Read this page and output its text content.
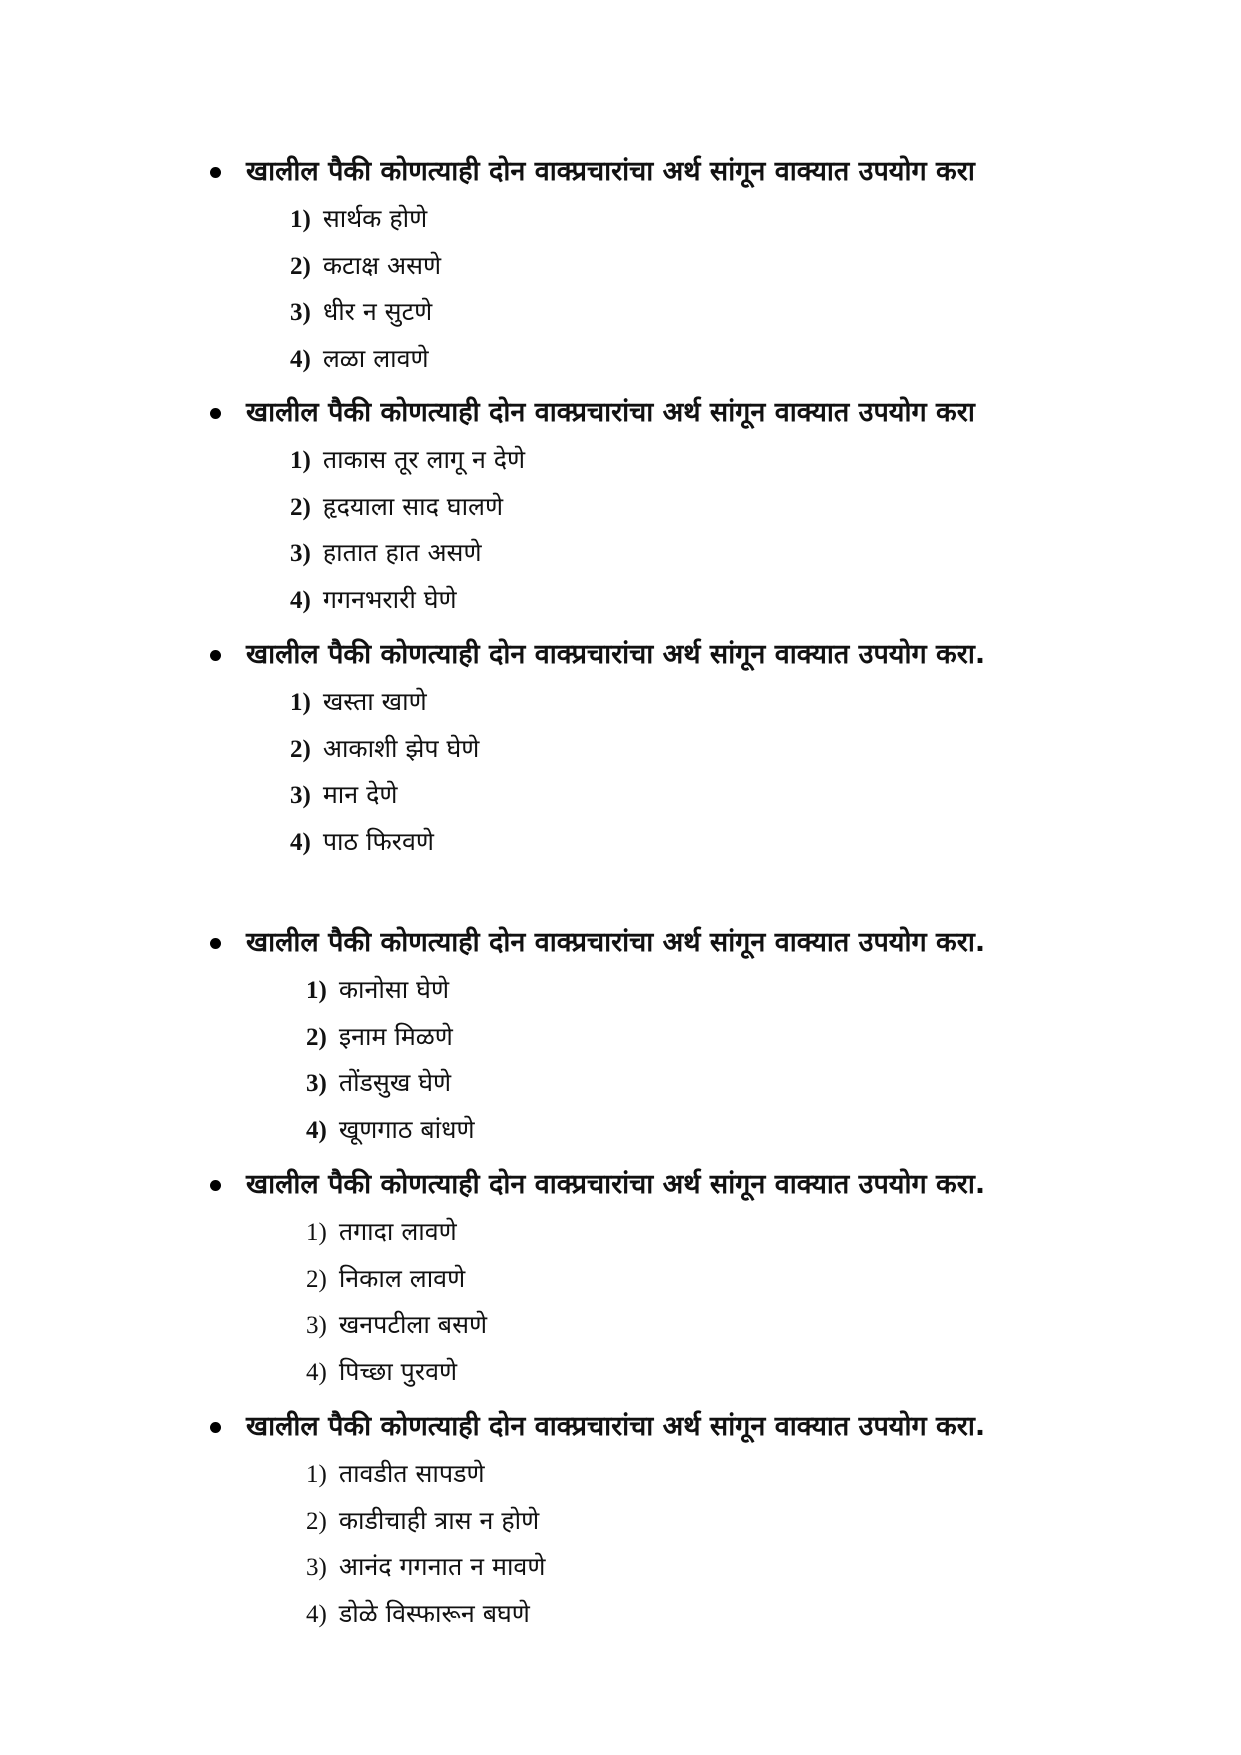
खालील पैकी कोणत्याही दोन वाक्प्रचारांचा अर्थ सांगून वाक्यात उपयोग करा
1) सार्थक होणे
2) कटाक्ष असणे
3) धीर न सुटणे
4) लळा लावणे
खालील पैकी कोणत्याही दोन वाक्प्रचारांचा अर्थ सांगून वाक्यात उपयोग करा
1) ताकास तूर लागू न देणे
2) हृदयाला साद घालणे
3) हातात हात असणे
4) गगनभरारी घेणे
खालील पैकी कोणत्याही दोन वाक्प्रचारांचा अर्थ सांगून वाक्यात उपयोग करा.
1) खस्ता खाणे
2) आकाशी झेप घेणे
3) मान देणे
4) पाठ फिरवणे
खालील पैकी कोणत्याही दोन वाक्प्रचारांचा अर्थ सांगून वाक्यात उपयोग करा.
1) कानोसा घेणे
2) इनाम मिळणे
3) तोंडसुख घेणे
4) खूणगाठ बांधणे
खालील पैकी कोणत्याही दोन वाक्प्रचारांचा अर्थ सांगून वाक्यात उपयोग करा.
1) तगादा लावणे
2) निकाल लावणे
3) खनपटीला बसणे
4) पिच्छा पुरवणे
खालील पैकी कोणत्याही दोन वाक्प्रचारांचा अर्थ सांगून वाक्यात उपयोग करा.
1) तावडीत सापडणे
2) काडीचाही त्रास न होणे
3) आनंद गगनात न मावणे
4) डोळे विस्फारून बघणे
